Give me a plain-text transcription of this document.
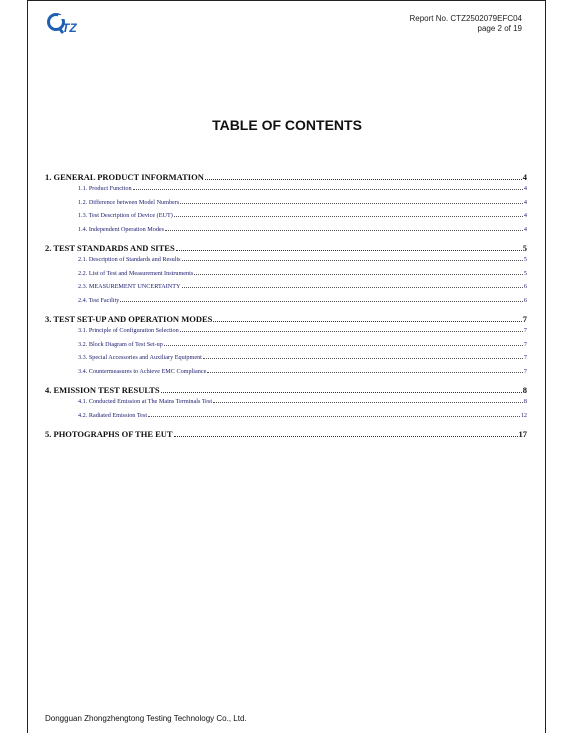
TZ
Report No. CTZ2502079EFC04
page 2 of 19
TABLE OF CONTENTS
1. GENERAL PRODUCT INFORMATION	4
1.1. Product Function	4
1.2. Difference between Model Numbers	4
1.3. Test Description of Device (EUT)	4
1.4. Independent Operation Modes	4
2. TEST STANDARDS AND SITES	5
2.1. Description of Standards and Results	5
2.2. List of Test and Measurement Instruments	5
2.3. MEASUREMENT UNCERTAINTY	6
2.4. Test Facility	6
3. TEST SET-UP AND OPERATION MODES	7
3.1. Principle of Configuration Selection	7
3.2. Block Diagram of Test Set-up	7
3.3. Special Accessories and Auxiliary Equipment	7
3.4. Countermeasures to Achieve EMC Compliance	7
4. EMISSION TEST RESULTS	8
4.1. Conducted Emission at The Mains Terminals Test	8
4.2. Radiated Emission Test	12
5. PHOTOGRAPHS OF THE EUT	17
Dongguan Zhongzhengtong Testing Technology Co., Ltd.
